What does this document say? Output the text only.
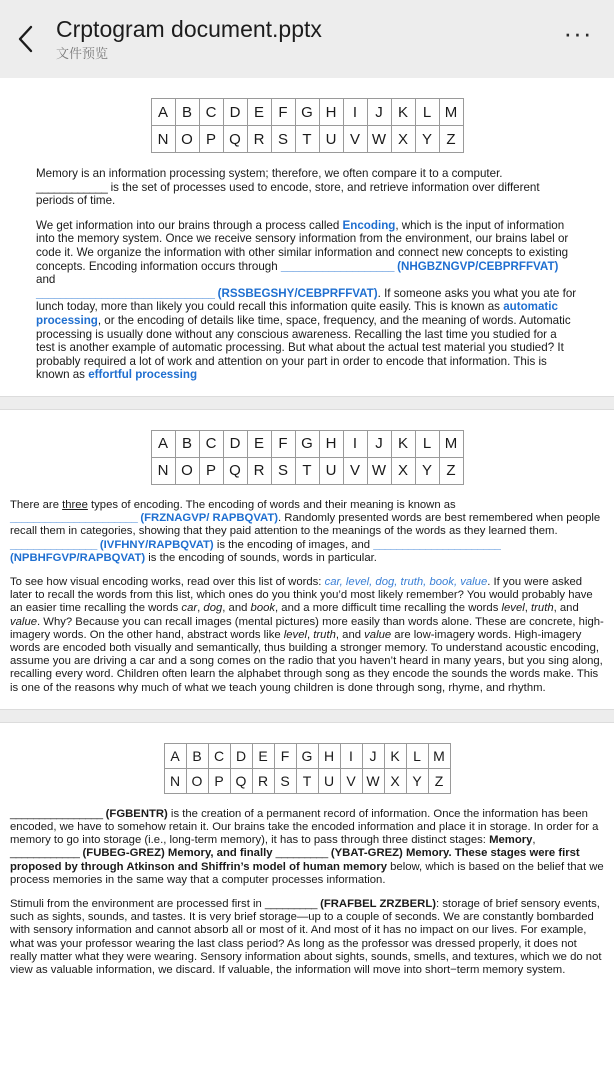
Crptogram document.pptx
文件预览
···
A	B	C	D	E	F	G	H	I	J	K	L	M
N	O	P	Q	R	S	T	U	V	W	X	Y	Z

Memory is an information processing system; therefore, we often compare it to a computer.____________ is the set of processes used to encode, store, and retrieve information over different periods of time.

We get information into our brains through a process called Encoding, which is the input of information into the memory system. Once we receive sensory information from the environment, our brains label or code it. We organize the information with other similar information and connect new concepts to existing concepts. Encoding information occurs through ___________________ (NHGBZNGVP/CEBPRFFVAT) and
______________________________ (RSSBEGSHY/CEBPRFFVAT). If someone asks you what you ate for lunch today, more than likely you could recall this information quite easily. This is known as automatic processing, or the encoding of details like time, space, frequency, and the meaning of words. Automatic processing is usually done without any conscious awareness. Recalling the last time you studied for a test is another example of automatic processing. But what about the actual test material you studied? It probably required a lot of work and attention on your part in order to encode that information. This is known as effortful processing

A	B	C	D	E	F	G	H	I	J	K	L	M
N	O	P	Q	R	S	T	U	V	W	X	Y	Z

There are three types of encoding. The encoding of words and their meaning is known as
______________________ (FRZNAGVP/ RAPBQVAT). Randomly presented words are best remembered when people recall them in categories, showing that they paid attention to the meanings of the words as they learned them. _______________ (IVFHNY/RAPBQVAT) is the encoding of images, and ______________________ (NPBHFGVP/RAPBQVAT) is the encoding of sounds, words in particular.

To see how visual encoding works, read over this list of words: car, level, dog, truth, book, value. If you were asked later to recall the words from this list, which ones do you think you’d most likely remember? You would probably have an easier time recalling the words car, dog, and book, and a more difficult time recalling the words level, truth, and value. Why? Because you can recall images (mental pictures) more easily than words alone. These are concrete, high-imagery words. On the other hand, abstract words like level, truth, and value are low-imagery words. High-imagery words are encoded both visually and semantically, thus building a stronger memory. To understand acoustic encoding, assume you are driving a car and a song comes on the radio that you haven’t heard in many years, but you sing along, recalling every word. Children often learn the alphabet through song as they encode the sounds the words make. This is one of the reasons why much of what we teach young children is done through song, rhyme, and rhythm.

A	B	C	D	E	F	G	H	I	J	K	L	M
N	O	P	Q	R	S	T	U	V	W	X	Y	Z

________________ (FGBENTR) is the creation of a permanent record of information. Once the information has been encoded, we have to somehow retain it. Our brains take the encoded information and place it in storage. In order for a memory to go into storage (i.e., long-term memory), it has to pass through three distinct stages: Memory, ____________ (FUBEG-GREZ) Memory, and finally _________ (YBAT-GREZ) Memory. These stages were first proposed by through Atkinson and Shiffrin’s model of human memory below, which is based on the belief that we process memories in the same way that a computer processes information.

Stimuli from the environment are processed first in _________ (FRAFBEL ZRZBERL): storage of brief sensory events, such as sights, sounds, and tastes. It is very brief storage—up to a couple of seconds. We are constantly bombarded with sensory information and cannot absorb all or most of it. And most of it has no impact on our lives. For example, what was your professor wearing the last class period? As long as the professor was dressed properly, it does not really matter what they were wearing. Sensory information about sights, sounds, smells, and textures, which we do not view as valuable information, we discard. If valuable, the information will move into short−term memory system.
